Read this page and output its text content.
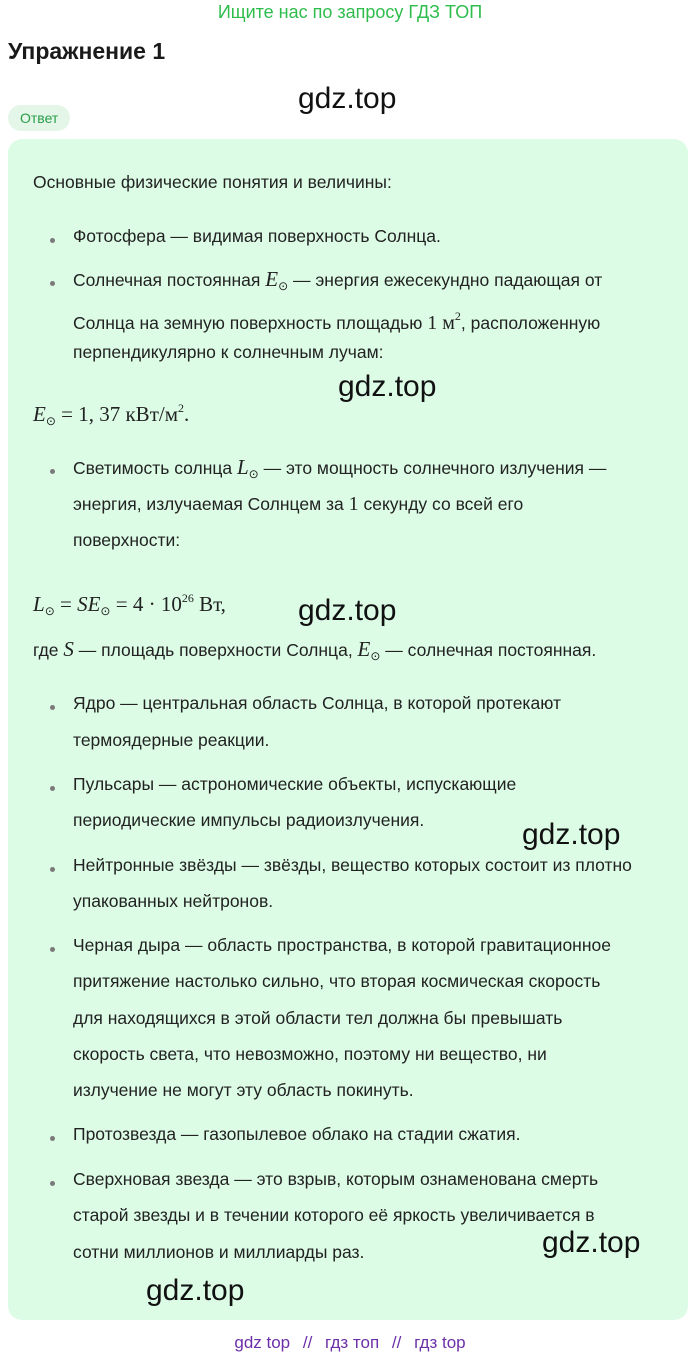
Ищите нас по запросу ГДЗ ТОП
Упражнение 1
Ответ
Основные физические понятия и величины:
Фотосфера — видимая поверхность Солнца.
Солнечная постоянная $E_⊙$ — энергия ежесекундно падающая от
Солнца на земную поверхность площадью 1 $м^2$, расположенную
перпендикулярно к солнечным лучам:
$E_⊙ = 1$, 37 кВт/$м^2$.
Светимость солнца $L_⊙$ — это мощность солнечного излучения —
энергия, излучаемая Солнцем за 1 секунду со всей его
поверхности:
$L_⊙ = SE_⊙ = 4 \cdot 10^{26}$ Вт,
где S — площадь поверхности Солнца, $E_⊙$ — солнечная постоянная.
Ядро — центральная область Солнца, в которой протекают
термоядерные реакции.
Пульсары — астрономические объекты, испускающие
периодические импульсы радиоизлучения.
Нейтронные звёзды — звёзды, вещество которых состоит из плотно
упакованных нейтронов.
Черная дыра — область пространства, в которой гравитационное
притяжение настолько сильно, что вторая космическая скорость
для находящихся в этой области тел должна бы превышать
скорость света, что невозможно, поэтому ни вещество, ни
излучение не могут эту область покинуть.
Протозвезда — газопылевое облако на стадии сжатия.
Сверхновая звезда — это взрыв, которым ознаменована смерть
старой звезды и в течении которого её яркость увеличивается в
сотни миллионов и миллиарды раз.
gdz.top
gdz.top
gdz.top
gdz.top
gdz.top
gdz.top
gdz top // гдз топ // гдз top
